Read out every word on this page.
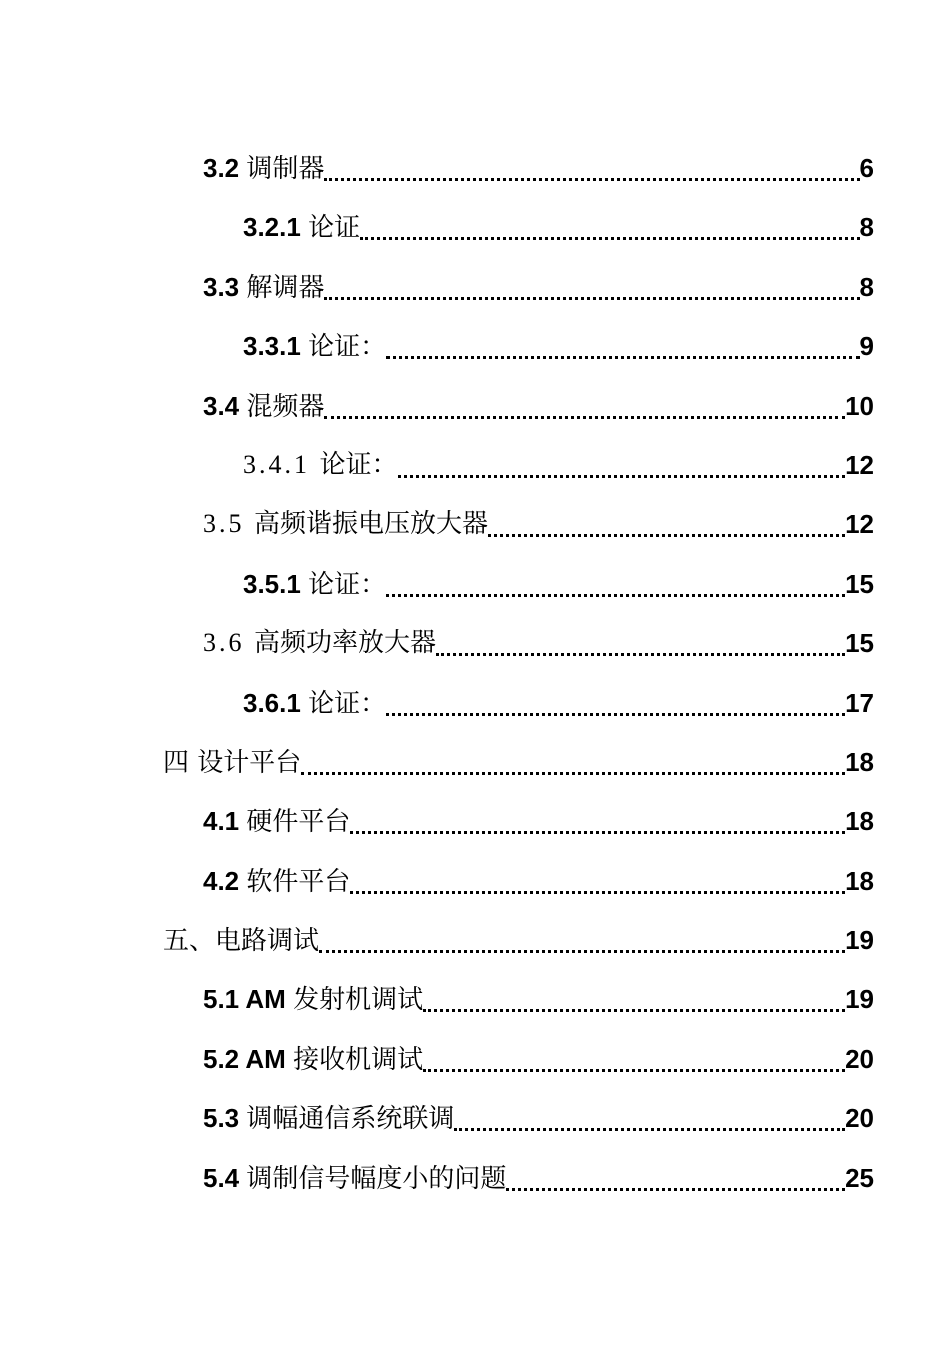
3.2 调制器	6
3.2.1 论证	8
3.3 解调器	8
3.3.1 论证：	9
3.4 混频器	10
3.4.1 论证：	12
3.5 高频谐振电压放大器	12
3.5.1 论证：	15
3.6 高频功率放大器	15
3.6.1 论证：	17
四 设计平台	18
4.1 硬件平台	18
4.2 软件平台	18
五、电路调试	19
5.1 AM 发射机调试	19
5.2 AM 接收机调试	20
5.3 调幅通信系统联调	20
5.4 调制信号幅度小的问题	25
